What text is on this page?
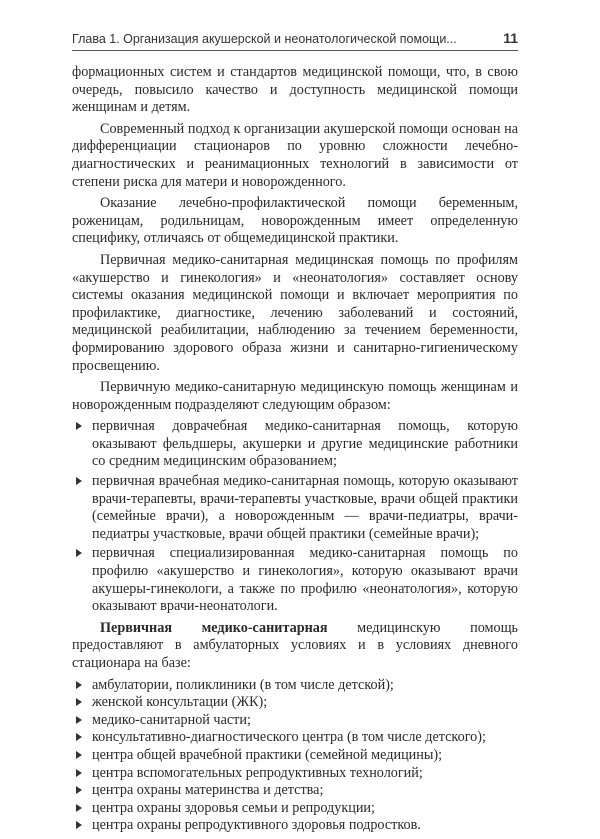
Глава 1. Организация акушерской и неонатологической помощи...	11

формационных систем и стандартов медицинской помощи, что, в свою очередь, повысило качество и доступность медицинской помощи женщинам и детям.

Современный подход к организации акушерской помощи основан на дифференциации стационаров по уровню сложности лечебно-диагностических и реанимационных технологий в зависимости от степени риска для матери и новорожденного.

Оказание лечебно-профилактической помощи беременным, роженицам, родильницам, новорожденным имеет определенную специфику, отличаясь от общемедицинской практики.

Первичная медико-санитарная медицинская помощь по профилям «акушерство и гинекология» и «неонатология» составляет основу системы оказания медицинской помощи и включает мероприятия по профилактике, диагностике, лечению заболеваний и состояний, медицинской реабилитации, наблюдению за течением беременности, формированию здорового образа жизни и санитарно-гигиеническому просвещению.

Первичную медико-санитарную медицинскую помощь женщинам и новорожденным подразделяют следующим образом:

первичная доврачебная медико-санитарная помощь, которую оказывают фельдшеры, акушерки и другие медицинские работники со средним медицинским образованием;
первичная врачебная медико-санитарная помощь, которую оказывают врачи-терапевты, врачи-терапевты участковые, врачи общей практики (семейные врачи), а новорожденным — врачи-педиатры, врачи-педиатры участковые, врачи общей практики (семейные врачи);
первичная специализированная медико-санитарная помощь по профилю «акушерство и гинекология», которую оказывают врачи акушеры-гинекологи, а также по профилю «неонатология», которую оказывают врачи-неонатологи.

Первичная медико-санитарная медицинскую помощь предоставляют в амбулаторных условиях и в условиях дневного стационара на базе:

амбулатории, поликлиники (в том числе детской);
женской консультации (ЖК);
медико-санитарной части;
консультативно-диагностического центра (в том числе детского);
центра общей врачебной практики (семейной медицины);
центра вспомогательных репродуктивных технологий;
центра охраны материнства и детства;
центра охраны здоровья семьи и репродукции;
центра охраны репродуктивного здоровья подростков.
